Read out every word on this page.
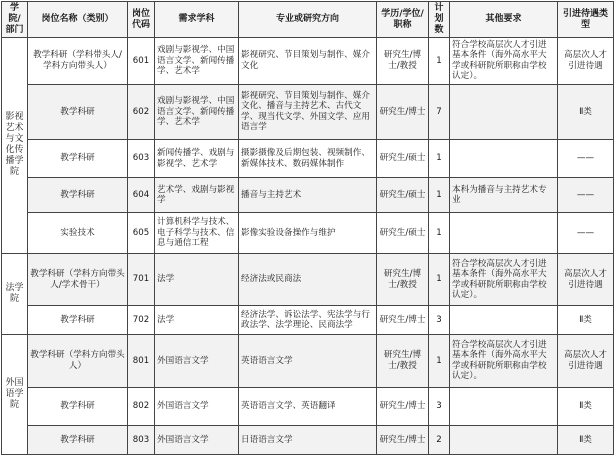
学院/部门	岗位名称（类别）	岗位代码	需求学科	专业或研究方向	学历/学位/职称	计划数	其他要求	引进待遇类型
影视艺术与文化传播学院	教学科研（学科带头人/学科方向带头人）	601	戏剧与影视学、中国语言文学、新闻传播学、艺术学	影视研究、节目策划与制作、媒介文化	研究生/博士/教授	1	符合学校高层次人才引进基本条件（海外高水平大学或科研院所职称由学校认定）。	高层次人才引进待遇
	教学科研	602	戏剧与影视学、中国语言文学、新闻传播学、艺术学	影视研究、节目策划与制作、媒介文化、播音与主持艺术、古代文学、现当代文学、外国文学、应用语言学	研究生/博士	7		Ⅱ类
	教学科研	603	新闻传播学、戏剧与影视学、艺术学	摄影摄像及后期包装、视频制作、新媒体技术、数码媒体制作	研究生/硕士	1		——
	教学科研	604	艺术学、戏剧与影视学	播音与主持艺术	研究生/硕士	1	本科为播音与主持艺术专业	——
	实验技术	605	计算机科学与技术、电子科学与技术、信息与通信工程	影像实验设备操作与维护	研究生/硕士	1		——
法学院	教学科研（学科方向带头人/学术骨干）	701	法学	经济法或民商法	研究生/博士/教授	1	符合学校高层次人才引进基本条件（海外高水平大学或科研院所职称由学校认定）。	高层次人才引进待遇
	教学科研	702	法学	经济法学、诉讼法学、宪法学与行政法学、法学理论、民商法学	研究生/博士	3		Ⅱ类
外国语学院	教学科研（学科方向带头人）	801	外国语言文学	英语语言文学	研究生/博士/教授	1	符合学校高层次人才引进基本条件（海外高水平大学或科研院所职称由学校认定）。	高层次人才引进待遇
	教学科研	802	外国语言文学	英语语言文学、英语翻译	研究生/博士	3		Ⅱ类
	教学科研	803	外国语言文学	日语语言文学	研究生/博士	2		Ⅱ类
